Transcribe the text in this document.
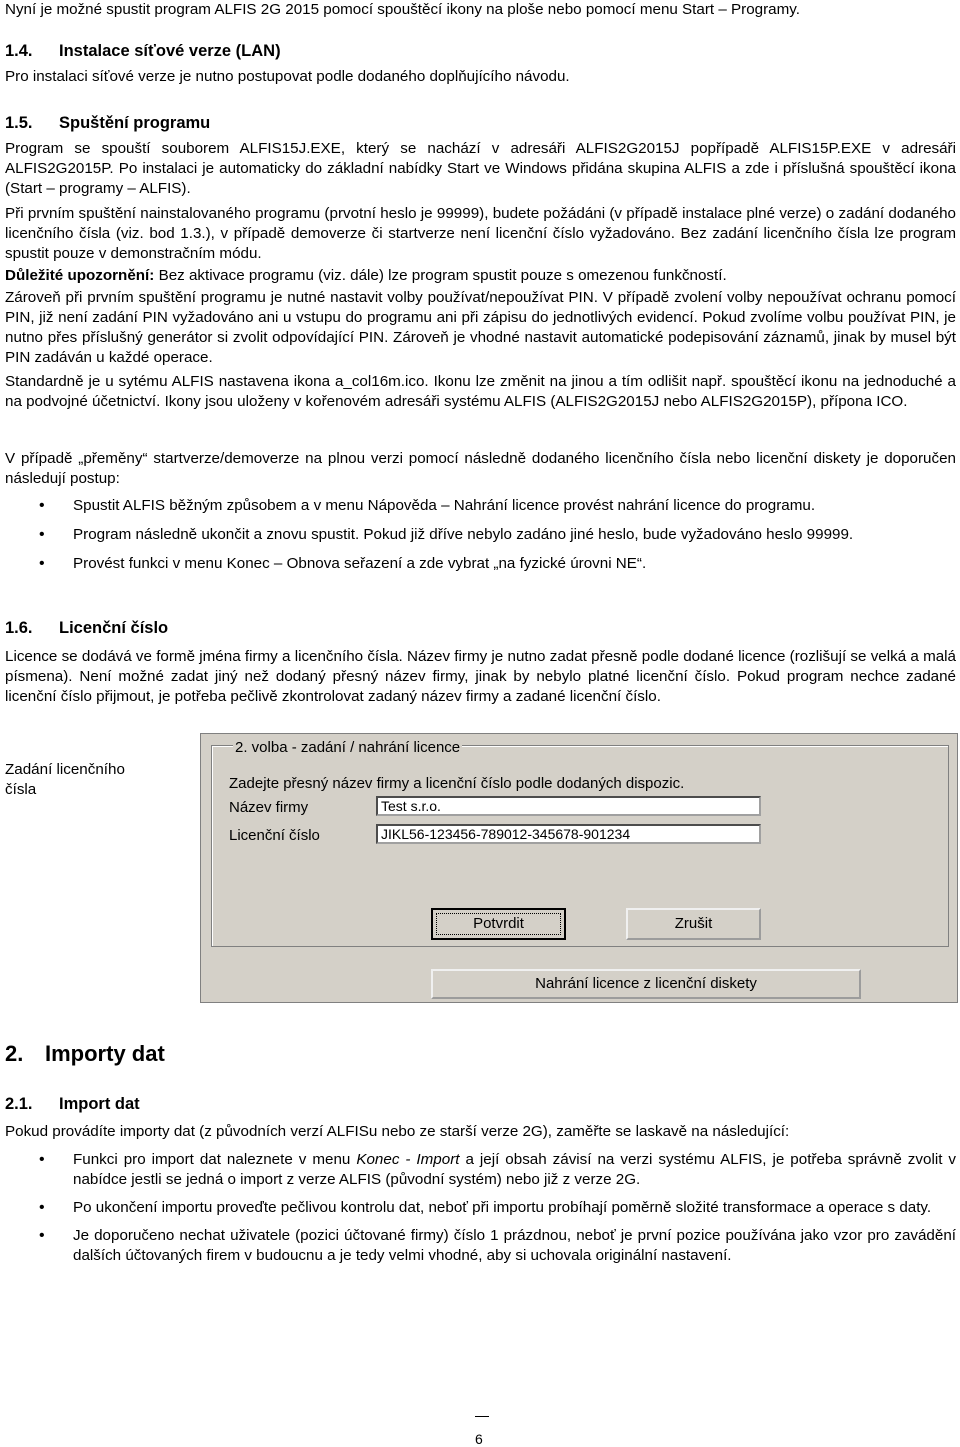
Nyní je možné spustit program ALFIS 2G 2015 pomocí spouštěcí ikony na ploše nebo pomocí menu Start – Programy.

1.4. Instalace síťové verze (LAN)

Pro instalaci síťové verze je nutno postupovat podle dodaného doplňujícího návodu.

1.5. Spuštění programu

Program se spouští souborem ALFIS15J.EXE, který se nachází v adresáři ALFIS2G2015J popřípadě ALFIS15P.EXE v adresáři ALFIS2G2015P. Po instalaci je automaticky do základní nabídky Start ve Windows přidána skupina ALFIS a zde i příslušná spouštěcí ikona (Start – programy – ALFIS).

Při prvním spuštění nainstalovaného programu (prvotní heslo je 99999), budete požádáni (v případě instalace plné verze) o zadání dodaného licenčního čísla (viz. bod 1.3.), v případě demoverze či startverze není licenční číslo vyžadováno. Bez zadání licenčního čísla lze program spustit pouze v demonstračním módu.

Důležité upozornění: Bez aktivace programu (viz. dále) lze program spustit pouze s omezenou funkčností.

Zároveň při prvním spuštění programu je nutné nastavit volby používat/nepoužívat PIN. V případě zvolení volby nepoužívat ochranu pomocí PIN, již není zadání PIN vyžadováno ani u vstupu do programu ani při zápisu do jednotlivých evidencí. Pokud zvolíme volbu používat PIN, je nutno přes příslušný generátor si zvolit odpovídající PIN. Zároveň je vhodné nastavit automatické podepisování záznamů, jinak by musel být PIN zadáván u každé operace.

Standardně je u sytému ALFIS nastavena ikona a_col16m.ico. Ikonu lze změnit na jinou a tím odlišit např. spouštěcí ikonu na jednoduché a na podvojné účetnictví. Ikony jsou uloženy v kořenovém adresáři systému ALFIS (ALFIS2G2015J nebo ALFIS2G2015P), přípona ICO.

V případě „přeměny“ startverze/demoverze na plnou verzi pomocí následně dodaného licenčního čísla nebo licenční diskety je doporučen následují postup:

• Spustit ALFIS běžným způsobem a v menu Nápověda – Nahrání licence provést nahrání licence do programu.
• Program následně ukončit a znovu spustit. Pokud již dříve nebylo zadáno jiné heslo, bude vyžadováno heslo 99999.
• Provést funkci v menu Konec – Obnova seřazení a zde vybrat „na fyzické úrovni NE“.
1.6. Licenční číslo

Licence se dodává ve formě jména firmy a licenčního čísla. Název firmy je nutno zadat přesně podle dodané licence (rozlišují se velká a malá písmena). Není možné zadat jiný než dodaný přesný název firmy, jinak by nebylo platné licenční číslo. Pokud program nechce zadané licenční číslo přijmout, je potřeba pečlivě zkontrolovat zadaný název firmy a zadané licenční číslo.

Zadání licenčního čísla
2. volba - zadání / nahrání licence
Zadejte přesný název firmy a licenční číslo podle dodaných dispozic.
Název firmy
Test s.r.o.
Licenční číslo
JIKL56-123456-789012-345678-901234
Potvrdit	Zrušit
Nahrání licence z licenční diskety
2. Importy dat
2.1. Import dat

Pokud provádíte importy dat (z původních verzí ALFISu nebo ze starší verze 2G), zaměřte se laskavě na následující:

• Funkci pro import dat naleznete v menu Konec - Import a její obsah závisí na verzi systému ALFIS, je potřeba správně zvolit v nabídce jestli se jedná o import z verze ALFIS (původní systém) nebo již z verze 2G.
• Po ukončení importu proveďte pečlivou kontrolu dat, neboť při importu probíhají poměrně složité transformace a operace s daty.
• Je doporučeno nechat uživatele (pozici účtované firmy) číslo 1 prázdnou, neboť je první pozice používána jako vzor pro zavádění dalších účtovaných firem v budoucnu a je tedy velmi vhodné, aby si uchovala originální nastavení.
6
